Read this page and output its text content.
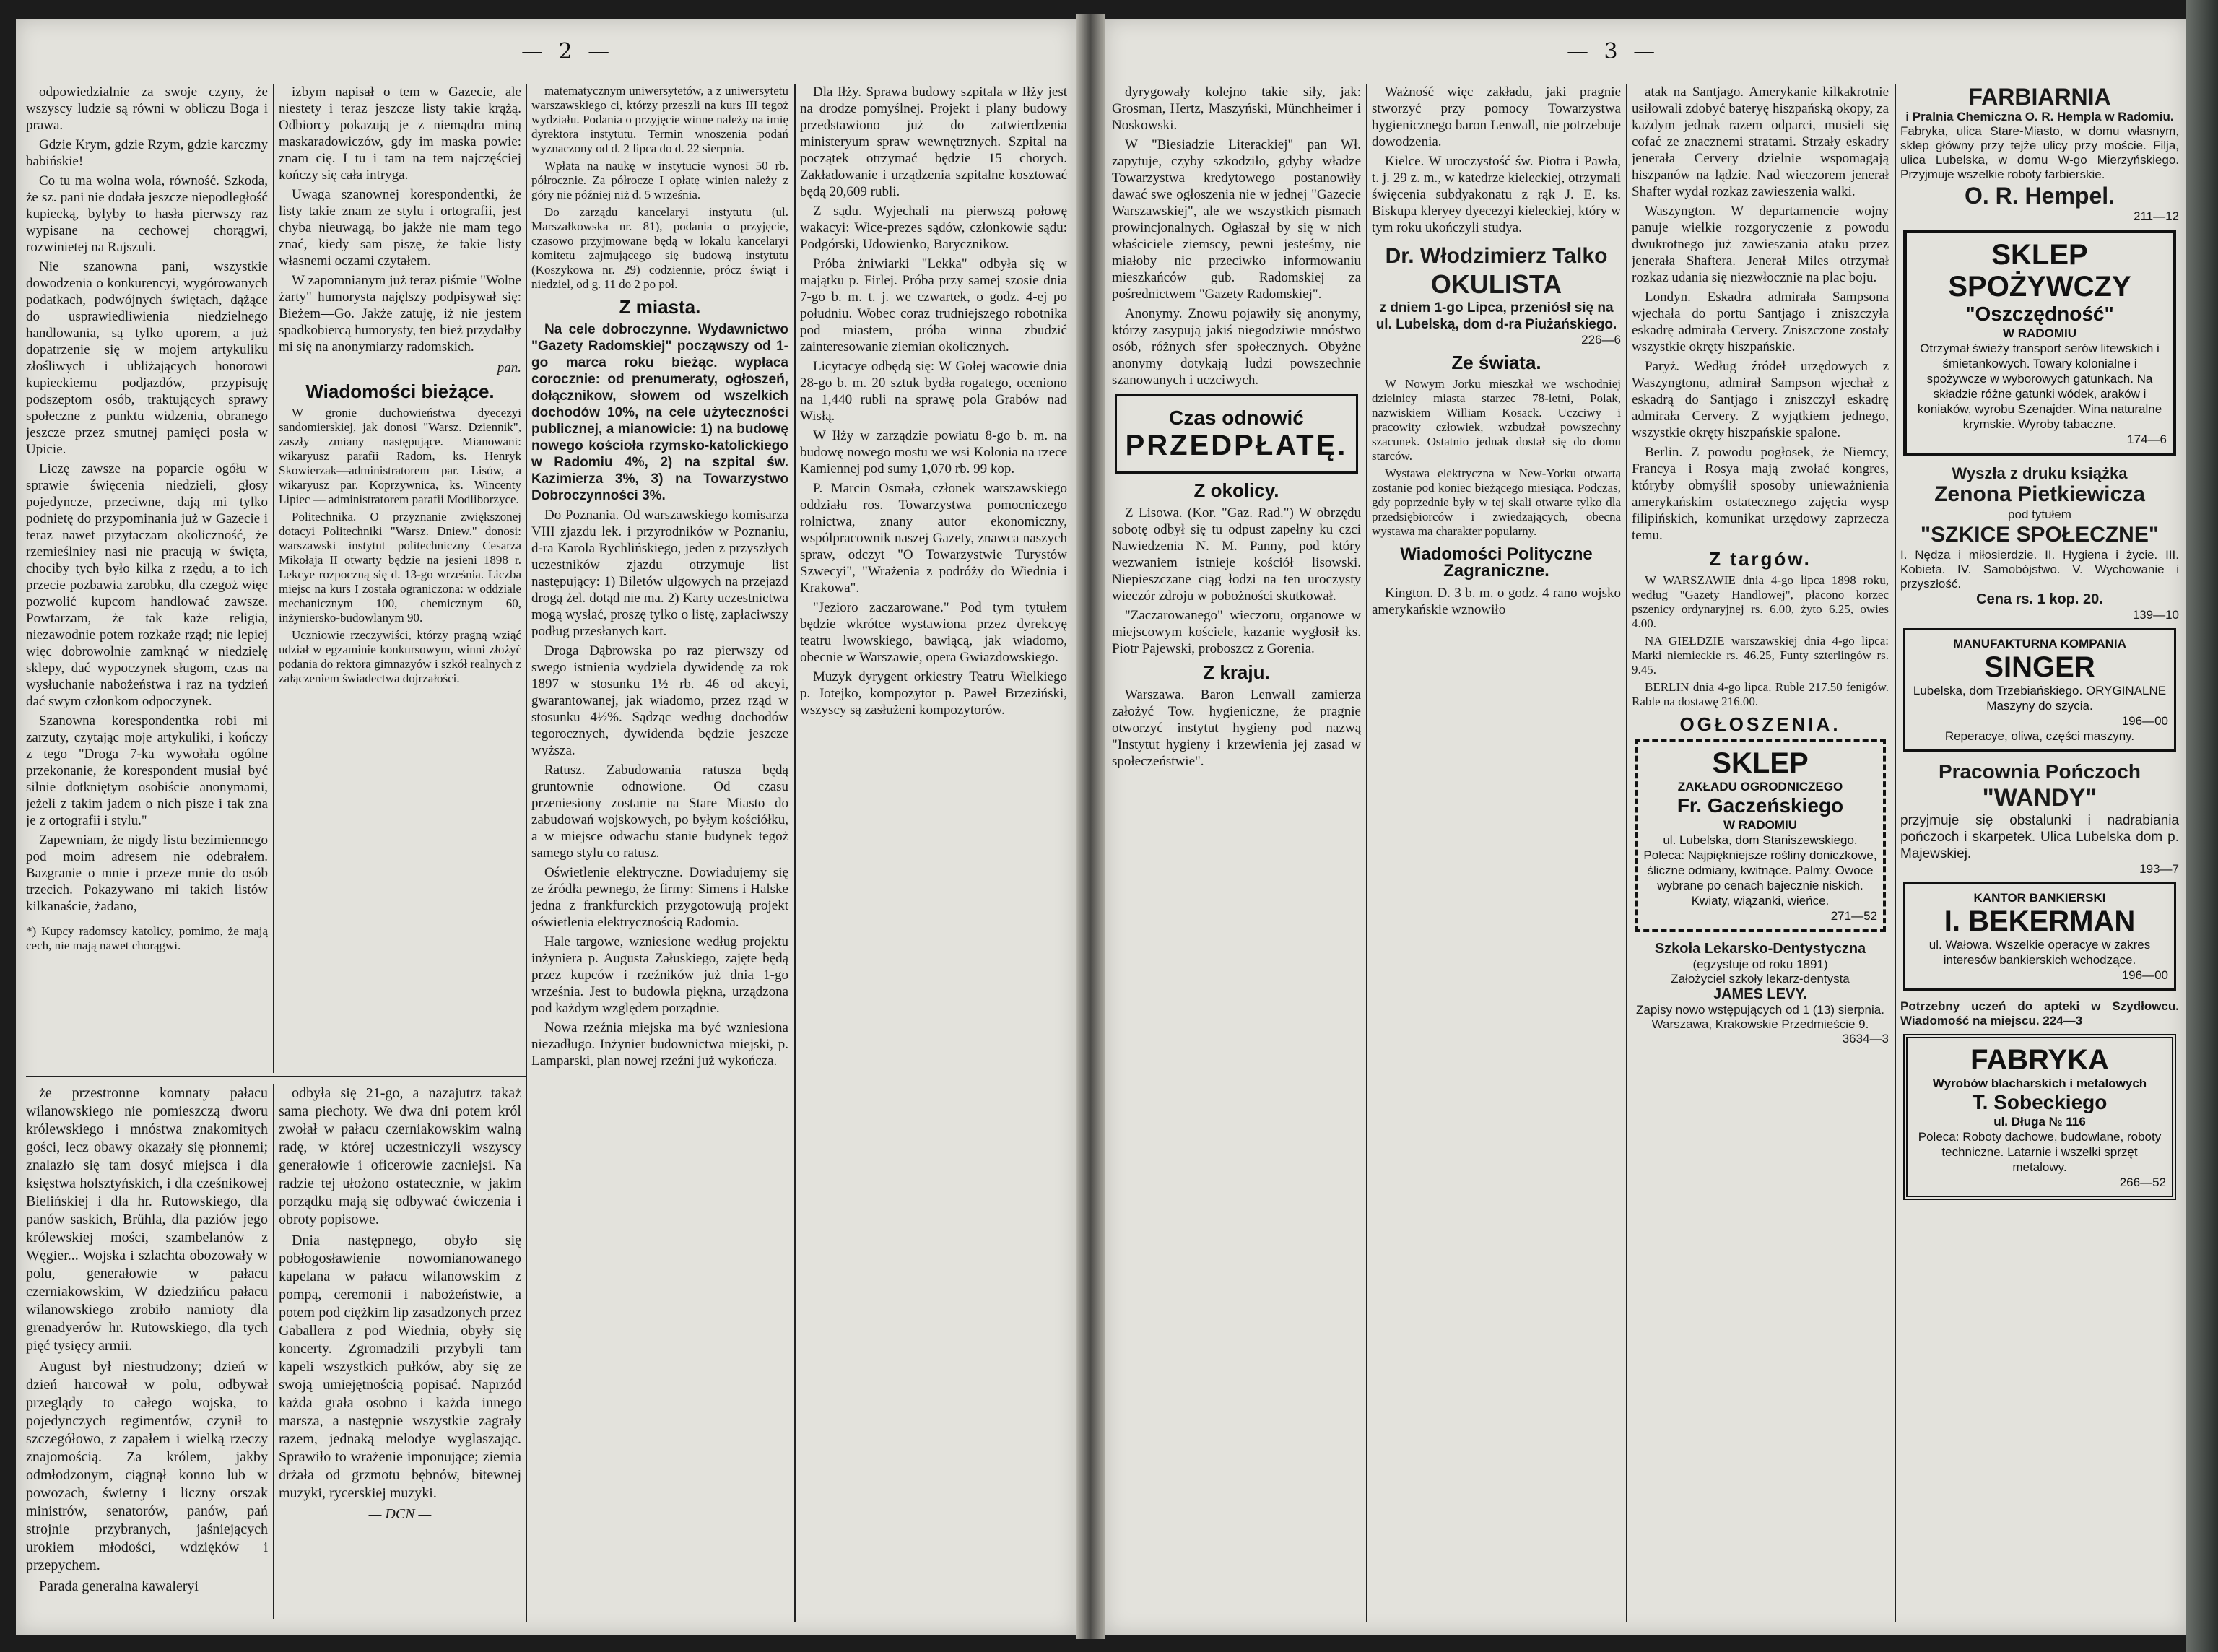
— 2 —

odpowiedzialnie za swoje czyny, że wszyscy ludzie są równi w obliczu Boga i prawa.

Gdzie Krym, gdzie Rzym, gdzie karczmy babińskie!

Co tu ma wolna wola, równość. Szkoda, że sz. pani nie dodała jeszcze niepodległość kupiecką, bylyby to hasła pierwszy raz wypisane na cechowej chorągwi, rozwinietej na Rajszuli.

Nie szanowna pani, wszystkie dowodzenia o konkurencyi, wygórowanych podatkach, podwójnych świętach, dążące do usprawiedliwienia niedzielnego handlowania, są tylko uporem, a już dopatrzenie się w mojem artykuliku złośliwych i ubliżających honorowi kupieckiemu podjazdów, przypisuję podszeptom osób, traktujących sprawy społeczne z punktu widzenia, obranego jeszcze przez smutnej pamięci posła w Upicie.

Liczę zawsze na poparcie ogółu w sprawie święcenia niedzieli, głosy pojedyncze, przeciwne, dają mi tylko podnietę do przypominania już w Gazecie i teraz nawet przytaczam okoliczność, że rzemieślniey nasi nie pracują w święta, chociby tych było kilka z rzędu, a to ich przecie pozbawia zarobku, dla czegoż więc pozwolić kupcom handlować zawsze. Powtarzam, że tak każe religia, niezawodnie potem rozkaże rząd; nie lepiej więc dobrowolnie zamknąć w niedzielę sklepy, dać wypoczynek sługom, czas na wysłuchanie nabożeństwa i raz na tydzień dać swym członkom odpoczynek.

Szanowna korespondentka robi mi zarzuty, czytając moje artykuliki, i kończy z tego "Droga 7-ka wywołała ogólne przekonanie, że korespondent musiał być silnie dotkniętym osobiście anonymami, jeżeli z takim jadem o nich pisze i tak zna je z ortografii i stylu."

Zapewniam, że nigdy listu bezimiennego pod moim adresem nie odebrałem. Bazgranie o mnie i przeze mnie do osób trzecich. Pokazywano mi takich listów kilkanaście, żadano,

*) Kupcy radomscy katolicy, pomimo, że mają cech, nie mają nawet chorągwi.

izbym napisał o tem w Gazecie, ale niestety i teraz jeszcze listy takie krążą. Odbiorcy pokazują je z niemądra miną maskaradowiczów, gdy im maska powie: znam cię. I tu i tam na tem najczęściej kończy się cała intryga.

Uwaga szanownej korespondentki, że listy takie znam ze stylu i ortografii, jest chyba nieuwagą, bo jakże nie mam tego znać, kiedy sam piszę, że takie listy własnemi oczami czytałem.

W zapomnianym już teraz piśmie "Wolne żarty" humorysta najęlszy podpisywał się: Bieżem—Go. Jakże zatuję, iż nie jestem spadkobiercą humorysty, ten bież przydałby mi się na anonymiarzy radomskich.

pan.
Wiadomości bieżące.

W gronie duchowieństwa dyecezyi sandomierskiej, jak donosi "Warsz. Dziennik", zaszły zmiany następujące. Mianowani: wikaryusz parafii Radom, ks. Henryk Skowierzak—administratorem par. Lisów, a wikaryusz par. Koprzywnica, ks. Wincenty Lipiec — administratorem parafii Modliborzyce.

Politechnika. O przyznanie zwiększonej dotacyi Politechniki "Warsz. Dniew." donosi: warszawski instytut politechniczny Cesarza Mikołaja II otwarty będzie na jesieni 1898 r. Lekcye rozpoczną się d. 13-go września. Liczba miejsc na kurs I została ograniczona: w oddziale mechanicznym 100, chemicznym 60, inżyniersko-budowlanym 90.

Uczniowie rzeczywiści, którzy pragną wziąć udział w egzaminie konkursowym, winni złożyć podania do rektora gimnazyów i szkół realnych z załączeniem świadectwa dojrzałości.

matematycznym uniwersytetów, a z uniwersytetu warszawskiego ci, którzy przeszli na kurs III tegoż wydziału. Podania o przyjęcie winne należy na imię dyrektora instytutu. Termin wnoszenia podań wyznaczony od d. 2 lipca do d. 22 sierpnia.

Wpłata na naukę w instytucie wynosi 50 rb. półrocznie. Za półrocze I opłatę winien należy z góry nie później niż d. 5 września.

Do zarządu kancelaryi instytutu (ul. Marszałkowska nr. 81), podania o przyjęcie, czasowo przyjmowane będą w lokalu kancelaryi komitetu zajmującego się budową instytutu (Koszykowa nr. 29) codziennie, prócz świąt i niedziel, od g. 11 do 2 po poł.

Z miasta.

Na cele dobroczynne. Wydawnictwo "Gazety Radomskiej" począwszy od 1-go marca roku bieżąc. wypłaca corocznie: od prenumeraty, ogłoszeń, dołącznikow, słowem od wszelkich dochodów 10%, na cele użyteczności publicznej, a mianowicie: 1) na budowę nowego kościoła rzymsko-katolickiego w Radomiu 4%, 2) na szpital św. Kazimierza 3%, 3) na Towarzystwo Dobroczynności 3%.

Do Poznania. Od warszawskiego komisarza VIII zjazdu lek. i przyrodników w Poznaniu, d-ra Karola Rychlińskiego, jeden z przyszłych uczestników zjazdu otrzymuje list następujący: 1) Biletów ulgowych na przejazd drogą żel. dotąd nie ma. 2) Karty uczestnictwa mogą wysłać, proszę tylko o listę, zapłaciwszy podług przesłanych kart.

Droga Dąbrowska po raz pierwszy od swego istnienia wydziela dywidendę za rok 1897 w stosunku 1½ rb. 46 od akcyi, gwarantowanej, jak wiadomo, przez rząd w stosunku 4½%. Sądząc według dochodów tegorocznych, dywidenda będzie jeszcze wyższa.

Ratusz. Zabudowania ratusza będą gruntownie odnowione. Od czasu przeniesiony zostanie na Stare Miasto do zabudowań wojskowych, po byłym kościółku, a w miejsce odwachu stanie budynek tegoż samego stylu co ratusz.

Oświetlenie elektryczne. Dowiadujemy się ze źródła pewnego, że firmy: Simens i Halske jedna z frankfurckich przygotowują projekt oświetlenia elektrycznością Radomia.

Hale targowe, wzniesione według projektu inżyniera p. Augusta Załuskiego, zajęte będą przez kupców i rzeźników już dnia 1-go września. Jest to budowla piękna, urządzona pod każdym względem porządnie.

Nowa rzeźnia miejska ma być wzniesiona niezadługo. Inżynier budownictwa miejski, p. Lamparski, plan nowej rzeźni już wykończa.

Dla Iłży. Sprawa budowy szpitala w Iłży jest na drodze pomyślnej. Projekt i plany budowy przedstawiono już do zatwierdzenia ministeryum spraw wewnętrznych. Szpital na początek otrzymać będzie 15 chorych. Zakładowanie i urządzenia szpitalne kosztować będą 20,609 rubli.

Z sądu. Wyjechali na pierwszą połowę wakacyi: Wice-prezes sądów, członkowie sądu: Podgórski, Udowienko, Barycznikow.

Próba żniwiarki "Lekka" odbyła się w majątku p. Firlej. Próba przy samej szosie dnia 7-go b. m. t. j. we czwartek, o godz. 4-ej po południu. Wobec coraz trudniejszego robotnika pod miastem, próba winna zbudzić zainteresowanie ziemian okolicznych.

Licytacye odbędą się: W Gołej wacowie dnia 28-go b. m. 20 sztuk bydła rogatego, oceniono na 1,440 rubli na sprawę pola Grabów nad Wisłą.

W Iłży w zarządzie powiatu 8-go b. m. na budowę nowego mostu we wsi Kolonia na rzece Kamiennej pod sumy 1,070 rb. 99 kop.

P. Marcin Osmała, członek warszawskiego oddziału ros. Towarzystwa pomocniczego rolnictwa, znany autor ekonomiczny, wspólpracownik naszej Gazety, znawca naszych spraw, odczyt "O Towarzystwie Turystów Szwecyi", "Wrażenia z podróży do Wiednia i Krakowa".

"Jezioro zaczarowane." Pod tym tytułem będzie wkrótce wystawiona przez dyrekcyę teatru lwowskiego, bawiącą, jak wiadomo, obecnie w Warszawie, opera Gwiazdowskiego.

Muzyk dyrygent orkiestry Teatru Wielkiego p. Jotejko, kompozytor p. Paweł Brzeziński, wszyscy są zasłużeni kompozytorów.

że przestronne komnaty pałacu wilanowskiego nie pomieszczą dworu królewskiego i mnóstwa znakomitych gości, lecz obawy okazały się płonnemi; znalazło się tam dosyć miejsca i dla księstwa holsztyńskich, i dla cześnikowej Bielińskiej i dla hr. Rutowskiego, dla panów saskich, Brühla, dla paziów jego królewskiej mości, szambelanów z Węgier... Wojska i szlachta obozowały w polu, generałowie w pałacu czerniakowskim, W dziedzińcu pałacu wilanowskiego zrobiło namioty dla grenadyerów hr. Rutowskiego, dla tych pięć tysięcy armii.

August był niestrudzony; dzień w dzień harcował w polu, odbywał przeglądy to całego wojska, to pojedynczych regimentów, czynił to szczegółowo, z zapałem i wielką rzeczy znajomością. Za królem, jakby odmłodzonym, ciągnął konno lub w powozach, świetny i liczny orszak ministrów, senatorów, panów, pań strojnie przybranych, jaśniejących urokiem młodości, wdzięków i przepychem.

Parada generalna kawaleryi

odbyła się 21-go, a nazajutrz takaż sama piechoty. We dwa dni potem król zwołał w pałacu czerniakowskim walną radę, w której uczestniczyli wszyscy generałowie i oficerowie zacniejsi. Na radzie tej ułożono ostatecznie, w jakim porządku mają się odbywać ćwiczenia i obroty popisowe.

Dnia następnego, obyło się pobłogosławienie nowomianowanego kapelana w pałacu wilanowskim z pompą, ceremonii i nabożeństwie, a potem pod ciężkim lip zasadzonych przez Gaballera z pod Wiednia, obyły się koncerty. Zgromadzili przybyli tam kapeli wszystkich pułków, aby się ze swoją umiejętnością popisać. Naprzód każda grała osobno i każda innego marsza, a następnie wszystkie zagrały razem, jednaką melodye wyglaszając. Sprawiło to wrażenie imponujące; ziemia drżała od grzmotu bębnów, bitewnej muzyki, rycerskiej muzyki.

— DCN —
— 3 —

dyrygowały kolejno takie siły, jak: Grosman, Hertz, Maszyński, Münchheimer i Noskowski.

W "Biesiadzie Literackiej" pan Wł. zapytuje, czyby szkodziło, gdyby władze Towarzystwa kredytowego postanowiły dawać swe ogłoszenia nie w jednej "Gazecie Warszawskiej", ale we wszystkich pismach prowincjonalnych. Ogłaszał by się w nich właściciele ziemscy, pewni jesteśmy, nie miałoby nic przeciwko informowaniu mieszkańców gub. Radomskiej za pośrednictwem "Gazety Radomskiej".

Anonymy. Znowu pojawiły się anonymy, którzy zasypują jakiś niegodziwie mnóstwo osób, różnych sfer społecznych. Obyżne anonymy dotykają ludzi powszechnie szanowanych i uczciwych.

Czas odnowić
PRZEDPŁATĘ.
Z okolicy.

Z Lisowa. (Kor. "Gaz. Rad.") W obrzędu sobotę odbył się tu odpust zapełny ku czci Nawiedzenia N. M. Panny, pod który wezwaniem istnieje kościół lisowski. Niepieszczane ciąg łodzi na ten uroczysty wieczór zdroju w pobożności skutkował.

"Zaczarowanego" wieczoru, organowe w miejscowym kościele, kazanie wygłosił ks. Piotr Pajewski, proboszcz z Gorenia.

Z kraju.

Warszawa. Baron Lenwall zamierza założyć Tow. hygieniczne, że pragnie otworzyć instytut hygieny pod nazwą "Instytut hygieny i krzewienia jej zasad w społeczeństwie".

Ważność więc zakładu, jaki pragnie stworzyć przy pomocy Towarzystwa hygienicznego baron Lenwall, nie potrzebuje dowodzenia.

Kielce. W uroczystość św. Piotra i Pawła, t. j. 29 z. m., w katedrze kieleckiej, otrzymali święcenia subdyakonatu z rąk J. E. ks. Biskupa kleryey dyecezyi kieleckiej, który w tym roku ukończyli studya.

Dr. Włodzimierz Talko
OKULISTA
z dniem 1-go Lipca, przeniósł się na ul. Lubelską, dom d-ra Piużańskiego.
226—6
Ze świata.

W Nowym Jorku mieszkał we wschodniej dzielnicy miasta starzec 78-letni, Polak, nazwiskiem William Kosack. Uczciwy i pracowity człowiek, wzbudzał powszechny szacunek. Ostatnio jednak dostał się do domu starców.

Wystawa elektryczna w New-Yorku otwartą zostanie pod koniec bieżącego miesiąca. Podczas, gdy poprzednie były w tej skali otwarte tylko dla przedsiębiorców i zwiedzających, obecna wystawa ma charakter popularny.

Wiadomości Polityczne Zagraniczne.

Kington. D. 3 b. m. o godz. 4 rano wojsko amerykańskie wznowiło

atak na Santjago. Amerykanie kilkakrotnie usiłowali zdobyć bateryę hiszpańską okopy, za każdym jednak razem odparci, musieli się cofać ze znacznemi stratami. Strzały eskadry jenerała Cervery dzielnie wspomagają hiszpanów na lądzie. Nad wieczorem jenerał Shafter wydał rozkaz zawieszenia walki.

Waszyngton. W departamencie wojny panuje wielkie rozgoryczenie z powodu dwukrotnego już zawieszania ataku przez jenerała Shaftera. Jenerał Miles otrzymał rozkaz udania się niezwłocznie na plac boju.

Londyn. Eskadra admirała Sampsona wjechała do portu Santjago i zniszczyła eskadrę admirała Cervery. Zniszczone zostały wszystkie okręty hiszpańskie.

Paryż. Według źródeł urzędowych z Waszyngtonu, admirał Sampson wjechał z eskadrą do Santjago i zniszczył eskadrę admirała Cervery. Z wyjątkiem jednego, wszystkie okręty hiszpańskie spalone.

Berlin. Z powodu pogłosek, że Niemcy, Francya i Rosya mają zwołać kongres, któryby obmyślił sposoby unieważnienia amerykańskim ostatecznego zajęcia wysp filipińskich, komunikat urzędowy zaprzecza temu.

Z targów.

W WARSZAWIE dnia 4-go lipca 1898 roku, według "Gazety Handlowej", płacono korzec pszenicy ordynaryjnej rs. 6.00, żyto 6.25, owies 4.00.

NA GIEŁDZIE warszawskiej dnia 4-go lipca: Marki niemieckie rs. 46.25, Funty szterlingów rs. 9.45.

BERLIN dnia 4-go lipca. Ruble 217.50 fenigów. Rable na dostawę 216.00.

OGŁOSZENIA.
SKLEP
ZAKŁADU OGRODNICZEGO
Fr. Gaczeńskiego
W RADOMIU
ul. Lubelska, dom Staniszewskiego. Poleca: Najpiękniejsze rośliny doniczkowe, śliczne odmiany, kwitnące. Palmy. Owoce wybrane po cenach bajecznie niskich. Kwiaty, wiązanki, wieńce.
271—52
Szkoła Lekarsko-Dentystyczna
(egzystuje od roku 1891)
Założyciel szkoły lekarz-dentysta
JAMES LEVY.
Zapisy nowo wstępujących od 1 (13) sierpnia. Warszawa, Krakowskie Przedmieście 9.
3634—3
FARBIARNIA
i Pralnia Chemiczna O. R. Hempla w Radomiu.
Fabryka, ulica Stare-Miasto, w domu własnym, sklep główny przy tejże ulicy przy moście. Filja, ulica Lubelska, w domu W-go Mierzyńskiego. Przyjmuje wszelkie roboty farbierskie.
O. R. Hempel.
211—12
SKLEP
SPOŻYWCZY
"Oszczędność"
W RADOMIU
Otrzymał świeży transport serów litewskich i śmietankowych. Towary kolonialne i spożywcze w wyborowych gatunkach. Na składzie różne gatunki wódek, araków i koniaków, wyrobu Szenajder. Wina naturalne krymskie. Wyroby tabaczne.
174—6
Wyszła z druku książka
Zenona Pietkiewicza
pod tytułem
"SZKICE SPOŁECZNE"
I. Nędza i miłosierdzie. II. Hygiena i życie. III. Kobieta. IV. Samobójstwo. V. Wychowanie i przyszłość.
Cena rs. 1 kop. 20.
139—10
MANUFAKTURNA KOMPANIA
SINGER
Lubelska, dom Trzebiańskiego. ORYGINALNE Maszyny do szycia.
196—00
Reperacye, oliwa, części maszyny.
Pracownia Pończoch
"WANDY"
przyjmuje się obstalunki i nadrabiania pończoch i skarpetek. Ulica Lubelska dom p. Majewskiej.
193—7
KANTOR BANKIERSKI
I. BEKERMAN
ul. Wałowa. Wszelkie operacye w zakres interesów bankierskich wchodzące.
196—00
Potrzebny uczeń do apteki w Szydłowcu. Wiadomość na miejscu. 224—3
FABRYKA
Wyrobów blacharskich i metalowych
T. Sobeckiego
ul. Długa № 116
Poleca: Roboty dachowe, budowlane, roboty techniczne. Latarnie i wszelki sprzęt metalowy.
266—52
